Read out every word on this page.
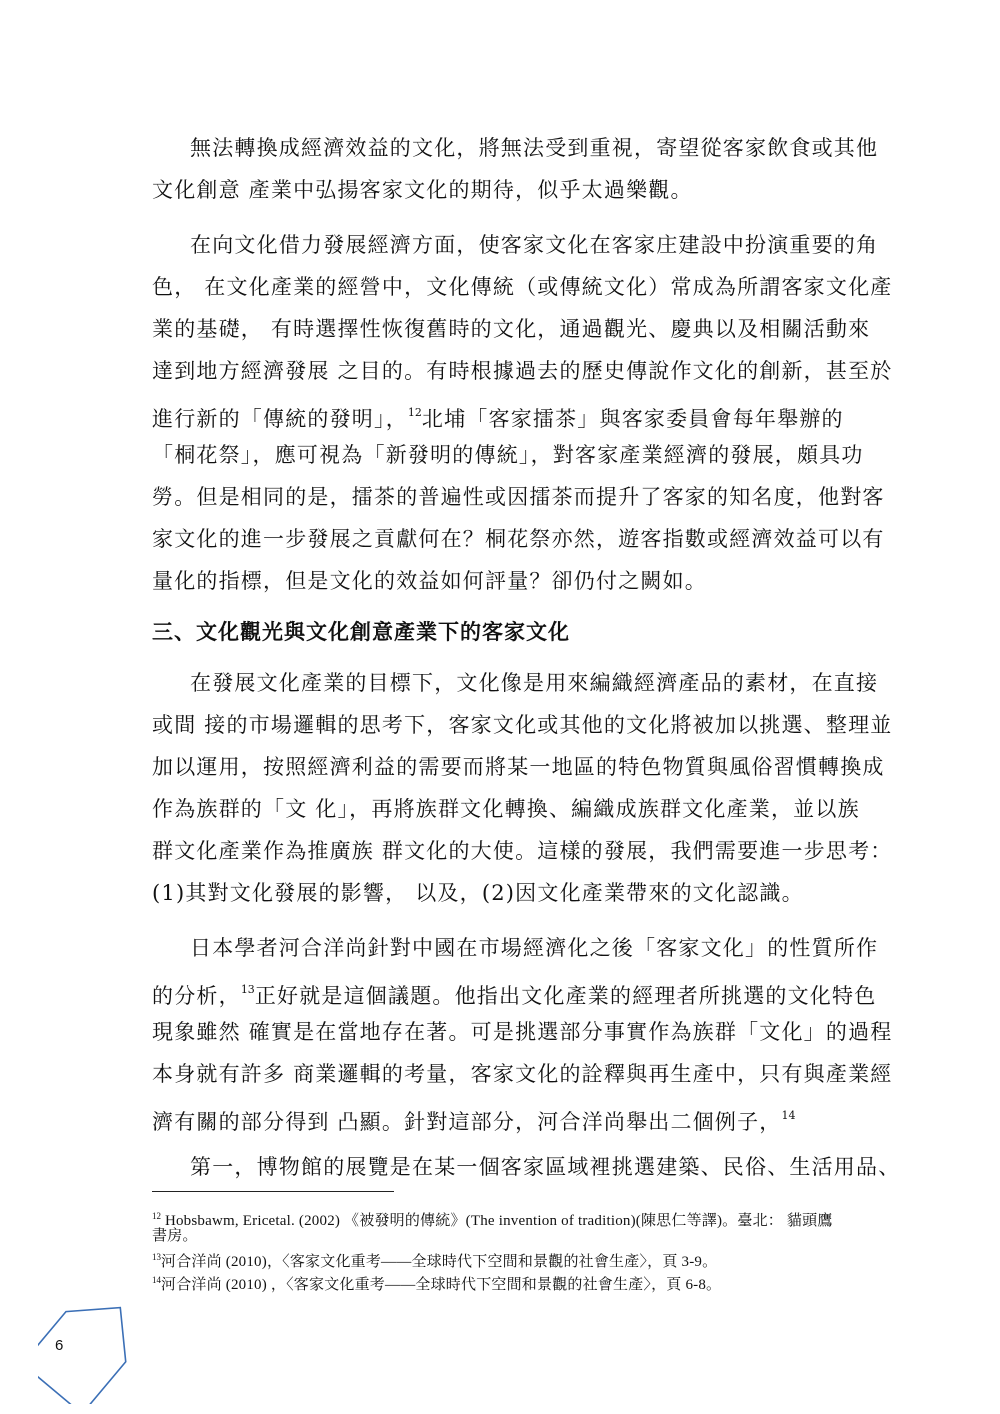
無法轉換成經濟效益的文化，將無法受到重視，寄望從客家飲食或其他
文化創意 產業中弘揚客家文化的期待，似乎太過樂觀。
在向文化借力發展經濟方面，使客家文化在客家庄建設中扮演重要的角
色， 在文化產業的經營中，文化傳統（或傳統文化）常成為所謂客家文化產
業的基礎， 有時選擇性恢復舊時的文化，通過觀光、慶典以及相關活動來
達到地方經濟發展 之目的。有時根據過去的歷史傳說作文化的創新，甚至於
進行新的「傳統的發明」，$^{12}$北埔「客家擂茶」與客家委員會每年舉辦的
「桐花祭」，應可視為「新發明的傳統」，對客家產業經濟的發展，頗具功
勞。但是相同的是，擂茶的普遍性或因擂茶而提升了客家的知名度，他對客
家文化的進一步發展之貢獻何在？桐花祭亦然，遊客指數或經濟效益可以有
量化的指標，但是文化的效益如何評量？卻仍付之闕如。
三、文化觀光與文化創意產業下的客家文化
在發展文化產業的目標下，文化像是用來編織經濟產品的素材，在直接
或間 接的市場邏輯的思考下，客家文化或其他的文化將被加以挑選、整理並
加以運用，按照經濟利益的需要而將某一地區的特色物質與風俗習慣轉換成
作為族群的「文 化」，再將族群文化轉換、編織成族群文化產業，並以族
群文化產業作為推廣族 群文化的大使。這樣的發展，我們需要進一步思考：
(1)其對文化發展的影響， 以及，(2)因文化產業帶來的文化認識。
日本學者河合洋尚針對中國在市場經濟化之後「客家文化」的性質所作
的分析，$^{13}$正好就是這個議題。他指出文化產業的經理者所挑選的文化特色
現象雖然 確實是在當地存在著。可是挑選部分事實作為族群「文化」的過程
本身就有許多 商業邏輯的考量，客家文化的詮釋與再生產中，只有與產業經
濟有關的部分得到 凸顯。針對這部分，河合洋尚舉出二個例子，$^{14}$
第一，博物館的展覽是在某一個客家區域裡挑選建築、民俗、生活用品、
$^{12}$ Hobsbawm, Ericetal. (2002) 《被發明的傳統》(The invention of tradition)(陳思仁等譯)。臺北： 貓頭鷹
書房。
$^{13}$河合洋尚 (2010)，〈客家文化重考——全球時代下空間和景觀的社會生產〉，頁 3-9。
$^{14}$河合洋尚 (2010) ，〈客家文化重考——全球時代下空間和景觀的社會生產〉，頁 6-8。
6
